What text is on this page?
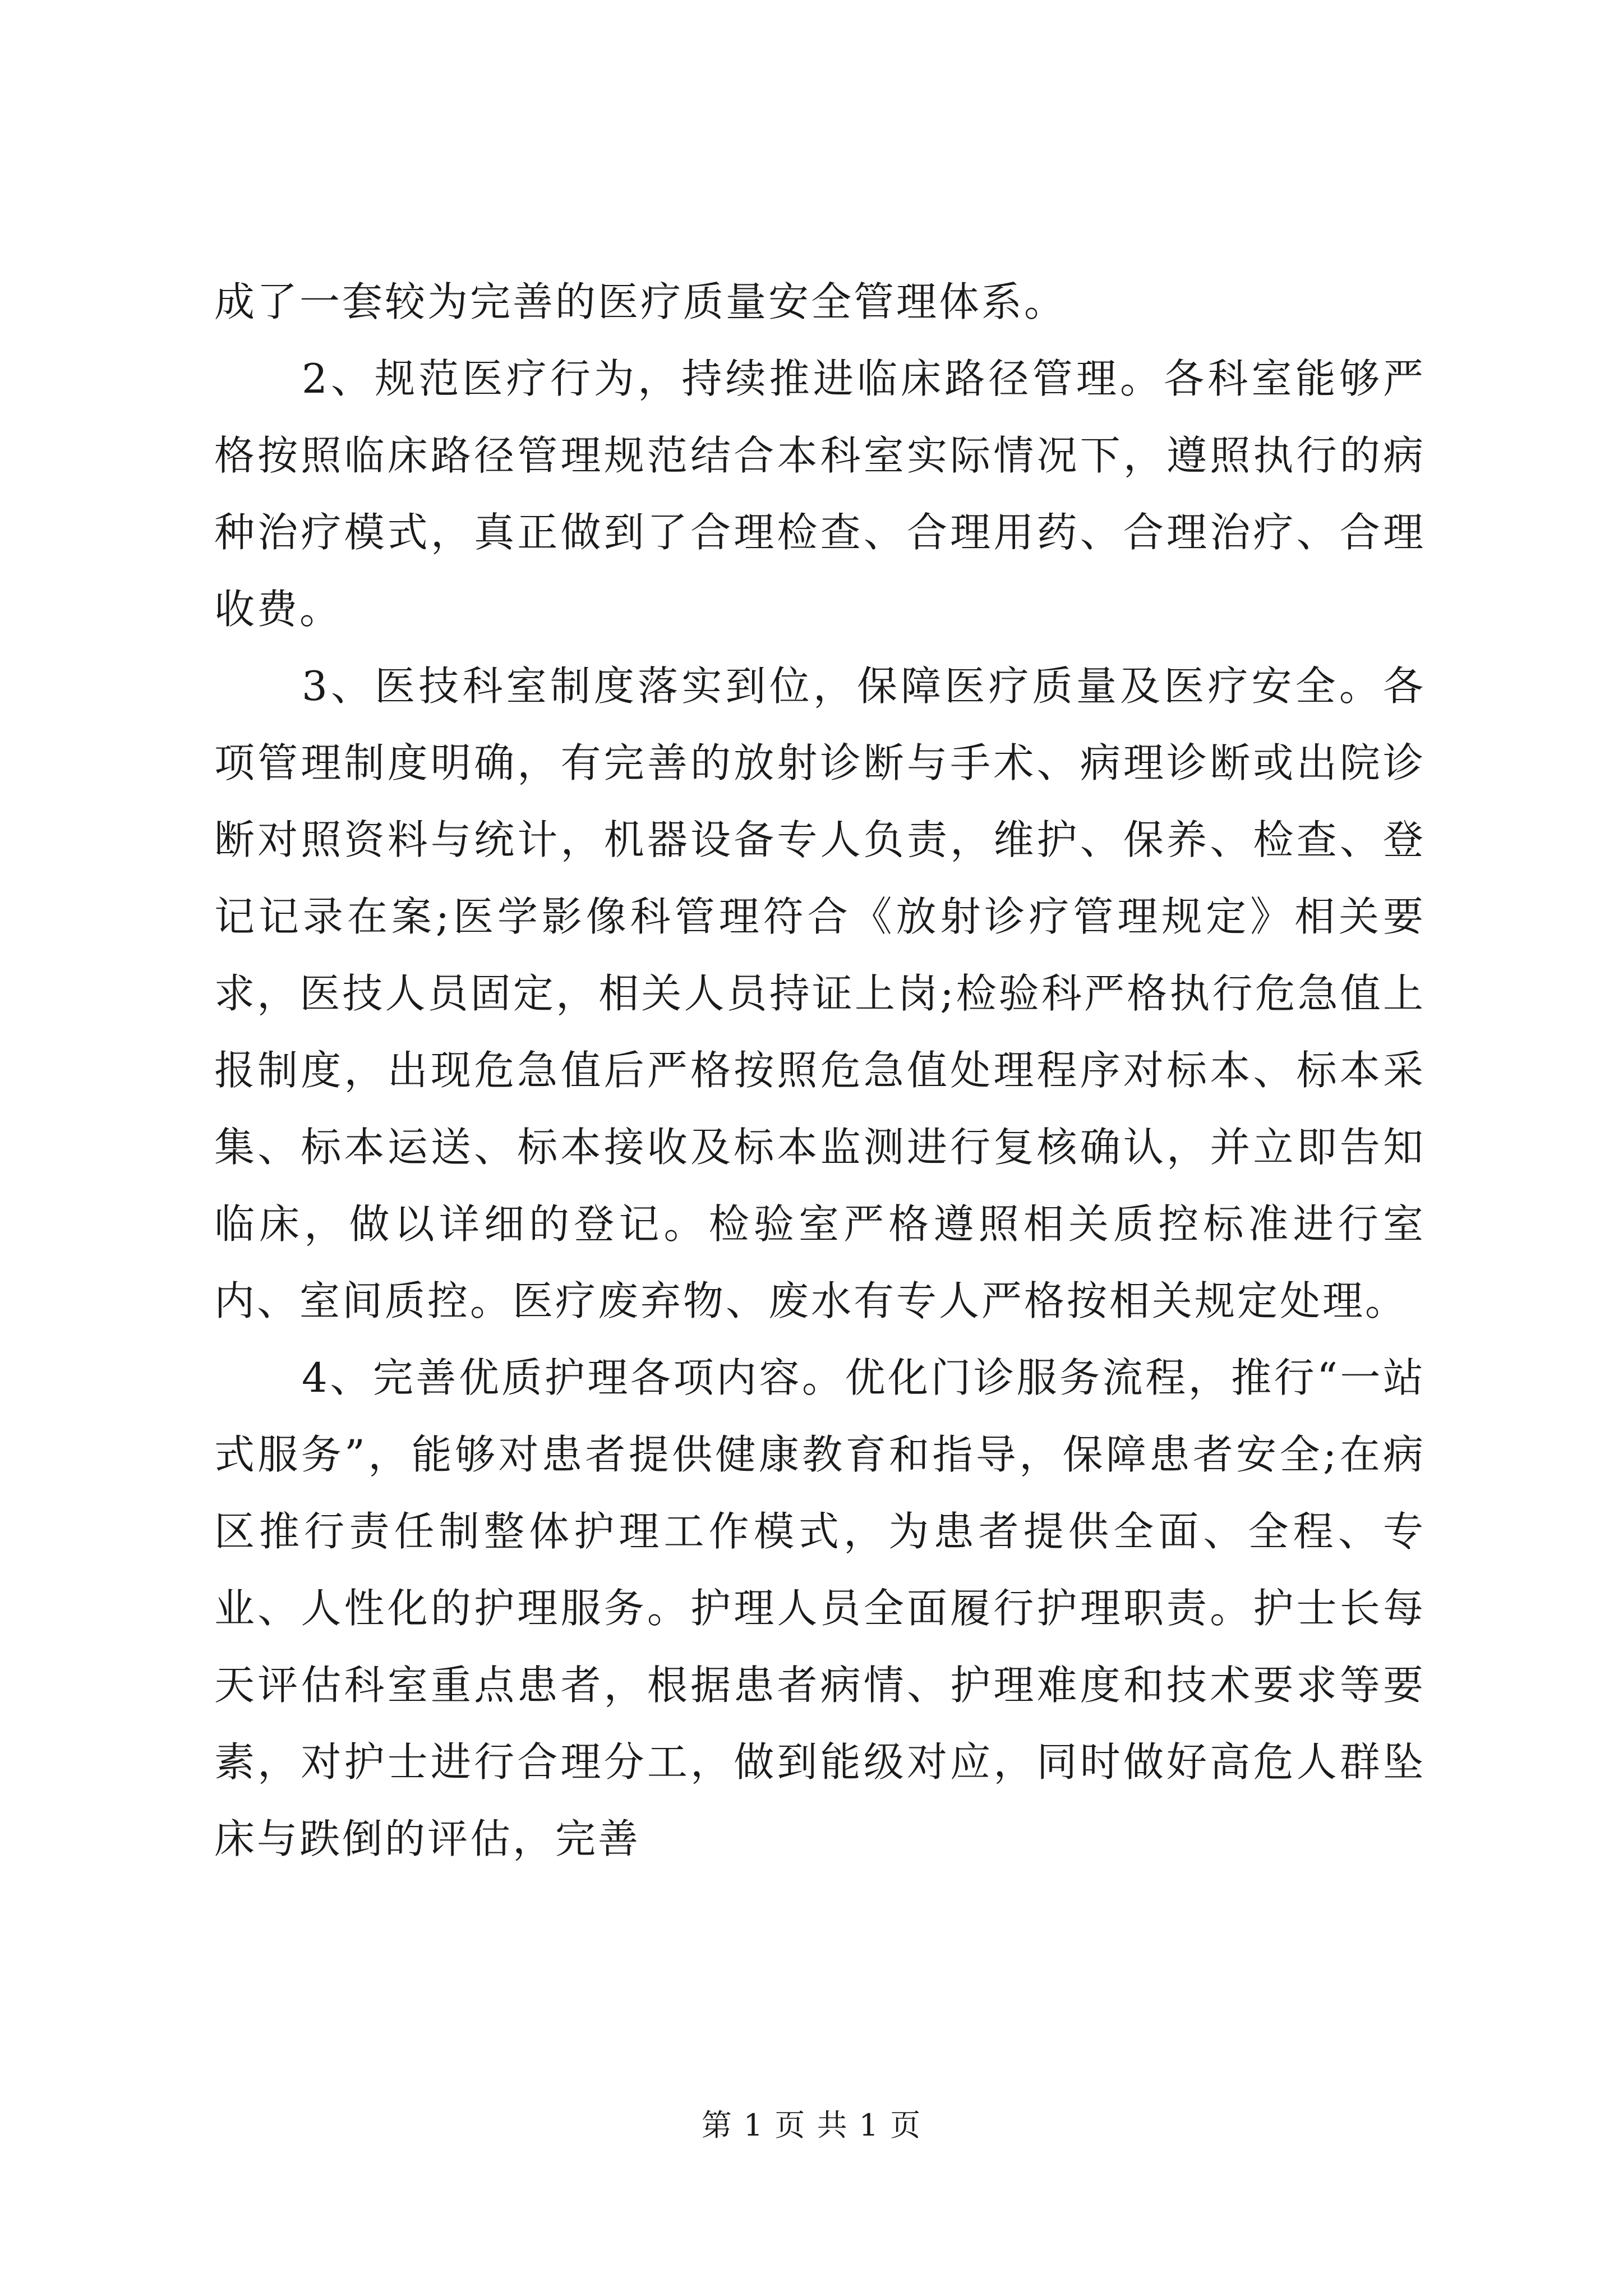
成了一套较为完善的医疗质量安全管理体系。

2、规范医疗行为，持续推进临床路径管理。各科室能够严格按照临床路径管理规范结合本科室实际情况下，遵照执行的病种治疗模式，真正做到了合理检查、合理用药、合理治疗、合理收费。

3、医技科室制度落实到位，保障医疗质量及医疗安全。各项管理制度明确，有完善的放射诊断与手术、病理诊断或出院诊断对照资料与统计，机器设备专人负责，维护、保养、检查、登记记录在案;医学影像科管理符合《放射诊疗管理规定》相关要求，医技人员固定，相关人员持证上岗;检验科严格执行危急值上报制度，出现危急值后严格按照危急值处理程序对标本、标本采集、标本运送、标本接收及标本监测进行复核确认，并立即告知临床，做以详细的登记。检验室严格遵照相关质控标准进行室内、室间质控。医疗废弃物、废水有专人严格按相关规定处理。

4、完善优质护理各项内容。优化门诊服务流程，推行“一站式服务”，能够对患者提供健康教育和指导，保障患者安全;在病区推行责任制整体护理工作模式，为患者提供全面、全程、专业、人性化的护理服务。护理人员全面履行护理职责。护士长每天评估科室重点患者，根据患者病情、护理难度和技术要求等要素，对护士进行合理分工，做到能级对应，同时做好高危人群坠床与跌倒的评估，完善

第 1 页 共 1 页
